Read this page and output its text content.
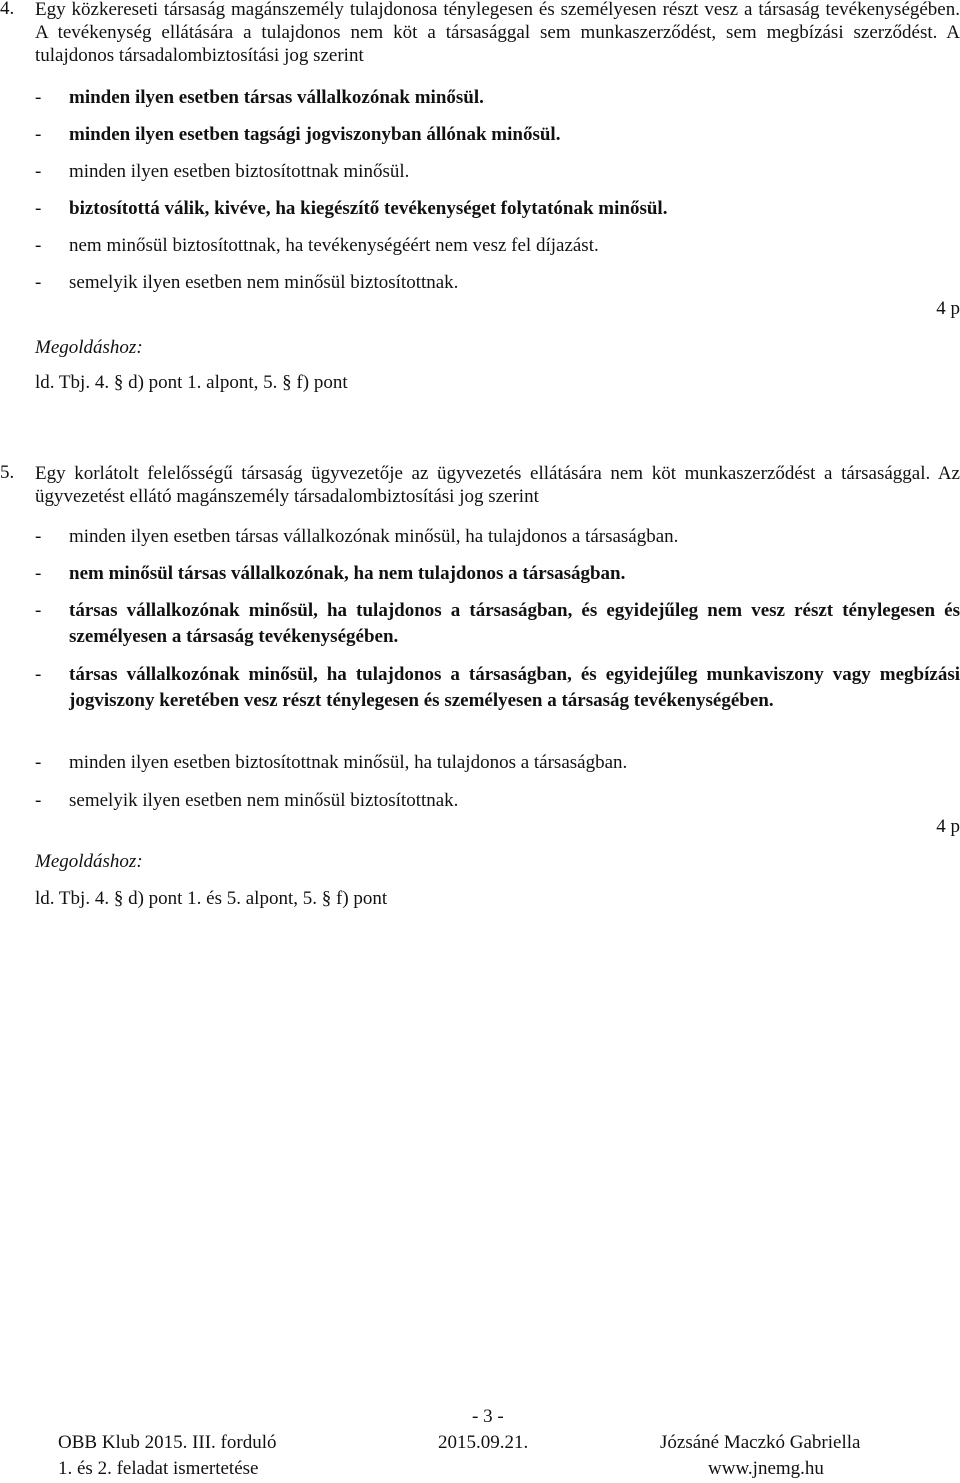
4. Egy közkereseti társaság magánszemély tulajdonosa ténylegesen és személyesen részt vesz a társaság tevékenységében. A tevékenység ellátására a tulajdonos nem köt a társasággal sem munkaszerződést, sem megbízási szerződést. A tulajdonos társadalombiztosítási jog szerint
- minden ilyen esetben társas vállalkozónak minősül.
- minden ilyen esetben tagsági jogviszonyban állónak minősül.
- minden ilyen esetben biztosítottnak minősül.
- biztosítottá válik, kivéve, ha kiegészítő tevékenységet folytatónak minősül.
- nem minősül biztosítottnak, ha tevékenységéért nem vesz fel díjazást.
- semelyik ilyen esetben nem minősül biztosítottnak.
4 p
Megoldáshoz:
ld. Tbj. 4. § d) pont 1. alpont, 5. § f) pont
5. Egy korlátolt felelősségű társaság ügyvezetője az ügyvezetés ellátására nem köt munkaszerződést a társasággal. Az ügyvezetést ellátó magánszemély társadalombiztosítási jog szerint
- minden ilyen esetben társas vállalkozónak minősül, ha tulajdonos a társaságban.
- nem minősül társas vállalkozónak, ha nem tulajdonos a társaságban.
- társas vállalkozónak minősül, ha tulajdonos a társaságban, és egyidejűleg nem vesz részt ténylegesen és személyesen a társaság tevékenységében.
- társas vállalkozónak minősül, ha tulajdonos a társaságban, és egyidejűleg munkaviszony vagy megbízási jogviszony keretében vesz részt ténylegesen és személyesen a társaság tevékenységében.
- minden ilyen esetben biztosítottnak minősül, ha tulajdonos a társaságban.
- semelyik ilyen esetben nem minősül biztosítottnak.
4 p
Megoldáshoz:
ld. Tbj. 4. § d) pont 1. és 5. alpont, 5. § f) pont
- 3 -
OBB Klub 2015. III. forduló
1. és 2. feladat ismertetése
2015.09.21.	Józsáné Maczkó Gabriella
www.jnemg.hu
